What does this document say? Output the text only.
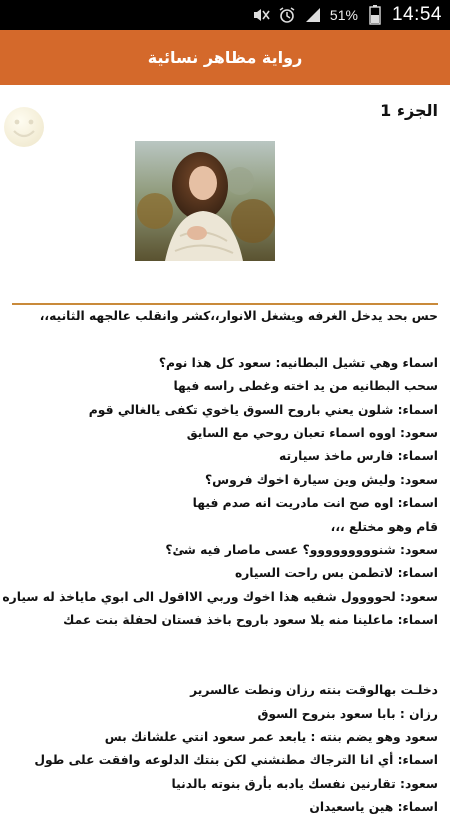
51% 14:54
رواية مظاهر نسائية
الجزء 1
حس بحد يدخل الغرفه ويشغل الانوار،،كشر وانقلب عالجهه الثانيه،،

اسماء وهي تشيل البطانيه: سعود كل هذا نوم؟
سحب البطانيه من يد اخته وغطى راسه فيها
اسماء: شلون يعني باروح السوق ياخوي تكفى يالغالي قوم
سعود: اووه اسماء تعبان روحي مع السايق
اسماء: فارس ماخذ سيارته
سعود: وليش وين سيارة اخوك فروس؟
اسماء: اوه صح انت مادريت انه صدم فيها
قام وهو مختلع ،،،
سعود: شنووووووووو؟ عسى ماصار فيه شئ؟
اسماء: لاتطمن بس راحت السياره
سعود: لحوووول شفيه هذا اخوك وربي الااقول الى ابوي ماياخذ له سياره
اسماء: ماعلينا منه يلا سعود باروح باخذ فستان لحفلة بنت عمك

دخلـت بهالوقت بنته رزان ونطت عالسرير
رزان : بابا سعود بنروح السوق
سعود وهو يضم بنته : يابعد عمر سعود انتي علشانك بس
اسماء: أي انا الترجاك مطنشني لكن بنتك الدلوعه وافقت على طول
سعود: تقارنين نفسك يادبه بأرق بنوته بالدنيا
اسماء: هين ياسعيدان
